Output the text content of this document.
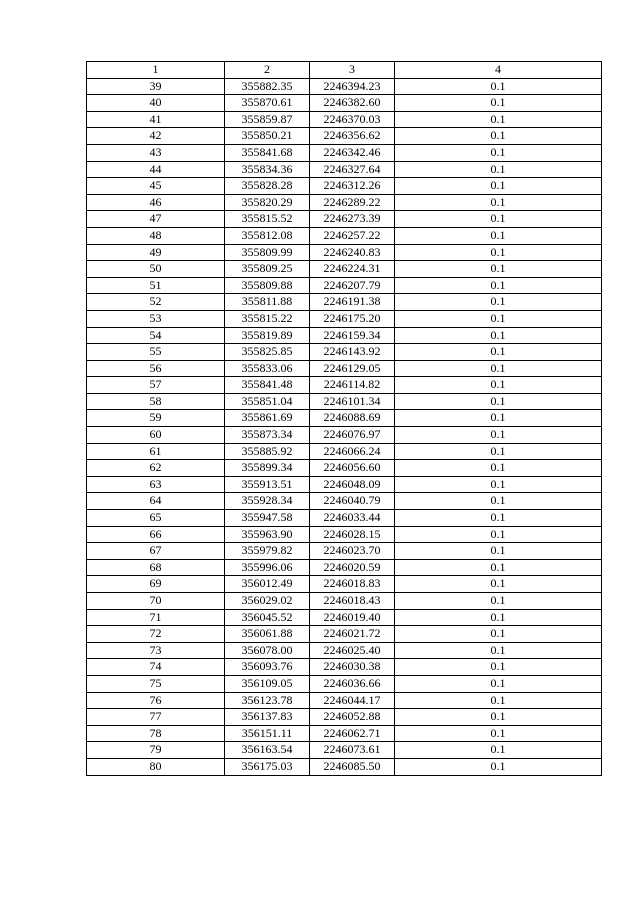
1	2	3	4
39	355882.35	2246394.23	0.1
40	355870.61	2246382.60	0.1
41	355859.87	2246370.03	0.1
42	355850.21	2246356.62	0.1
43	355841.68	2246342.46	0.1
44	355834.36	2246327.64	0.1
45	355828.28	2246312.26	0.1
46	355820.29	2246289.22	0.1
47	355815.52	2246273.39	0.1
48	355812.08	2246257.22	0.1
49	355809.99	2246240.83	0.1
50	355809.25	2246224.31	0.1
51	355809.88	2246207.79	0.1
52	355811.88	2246191.38	0.1
53	355815.22	2246175.20	0.1
54	355819.89	2246159.34	0.1
55	355825.85	2246143.92	0.1
56	355833.06	2246129.05	0.1
57	355841.48	2246114.82	0.1
58	355851.04	2246101.34	0.1
59	355861.69	2246088.69	0.1
60	355873.34	2246076.97	0.1
61	355885.92	2246066.24	0.1
62	355899.34	2246056.60	0.1
63	355913.51	2246048.09	0.1
64	355928.34	2246040.79	0.1
65	355947.58	2246033.44	0.1
66	355963.90	2246028.15	0.1
67	355979.82	2246023.70	0.1
68	355996.06	2246020.59	0.1
69	356012.49	2246018.83	0.1
70	356029.02	2246018.43	0.1
71	356045.52	2246019.40	0.1
72	356061.88	2246021.72	0.1
73	356078.00	2246025.40	0.1
74	356093.76	2246030.38	0.1
75	356109.05	2246036.66	0.1
76	356123.78	2246044.17	0.1
77	356137.83	2246052.88	0.1
78	356151.11	2246062.71	0.1
79	356163.54	2246073.61	0.1
80	356175.03	2246085.50	0.1
